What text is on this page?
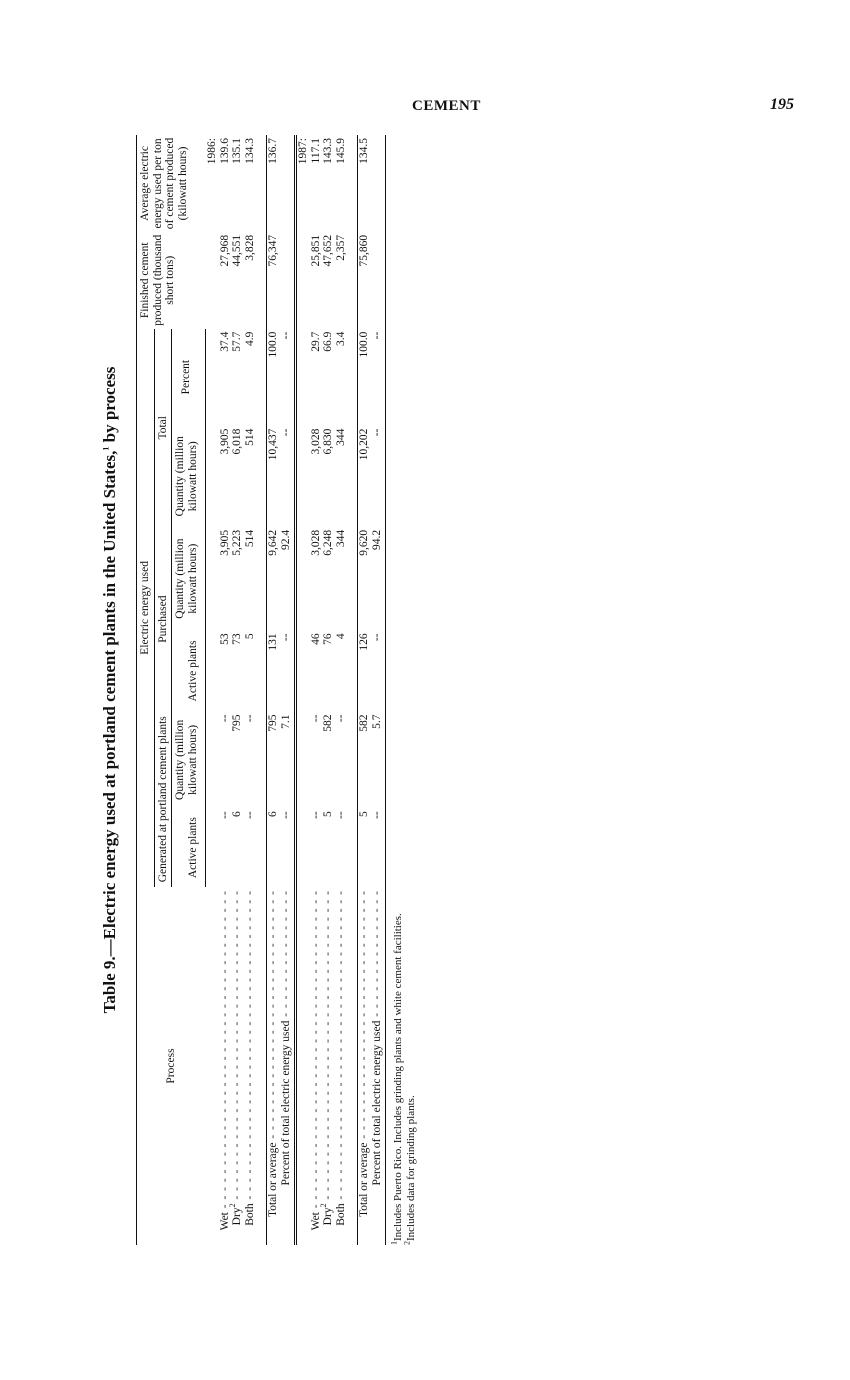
CEMENT	195
Table 9.—Electric energy used at portland cement plants in the United States,$^1$ by process
Process	Electric energy used						Finished cement produced (thousand short tons)	Average electric energy used per ton of cement produced (kilowatt hours)
	Generated at portland cement plants		Purchased		Total			
	Active plants	Quantity (million kilowatt hours)	Active plants	Quantity (million kilowatt hours)	Quantity (million kilowatt hours)	Percent		
1986:								
Wet - - - - - - - - - - - - - - - - - - - - - - - - - - - - - - - - - - - - -	--	--	53	3,905	3,905	37.4	27,968	139.6
Dry$^2$ - - - - - - - - - - - - - - - - - - - - - - - - - - - - - - - - - - - -	6	795	73	5,223	6,018	57.7	44,551	135.1
Both - - - - - - - - - - - - - - - - - - - - - - - - - - - - - - - - - - - -	--	--	5	514	514	4.9	3,828	134.3

Total or average - - - - - - - - - - - - - - - - - - - - - - - - - - - - -	6	795	131	9,642	10,437	100.0	76,347	136.7
Percent of total electric energy used - - - - - - - - - - - - - - -	--	7.1	--	92.4	--	--		

1987:								
Wet - - - - - - - - - - - - - - - - - - - - - - - - - - - - - - - - - - - - -	--	--	46	3,028	3,028	29.7	25,851	117.1
Dry$^2$ - - - - - - - - - - - - - - - - - - - - - - - - - - - - - - - - - - - -	5	582	76	6,248	6,830	66.9	47,652	143.3
Both - - - - - - - - - - - - - - - - - - - - - - - - - - - - - - - - - - - -	--	--	4	344	344	3.4	2,357	145.9

Total or average - - - - - - - - - - - - - - - - - - - - - - - - - - - - -	5	582	126	9,620	10,202	100.0	75,860	134.5
Percent of total electric energy used - - - - - - - - - - - - - - -	--	5.7	--	94.2	--	--		

$^1$Includes Puerto Rico. Includes grinding plants and white cement facilities.
$^2$Includes data for grinding plants.
